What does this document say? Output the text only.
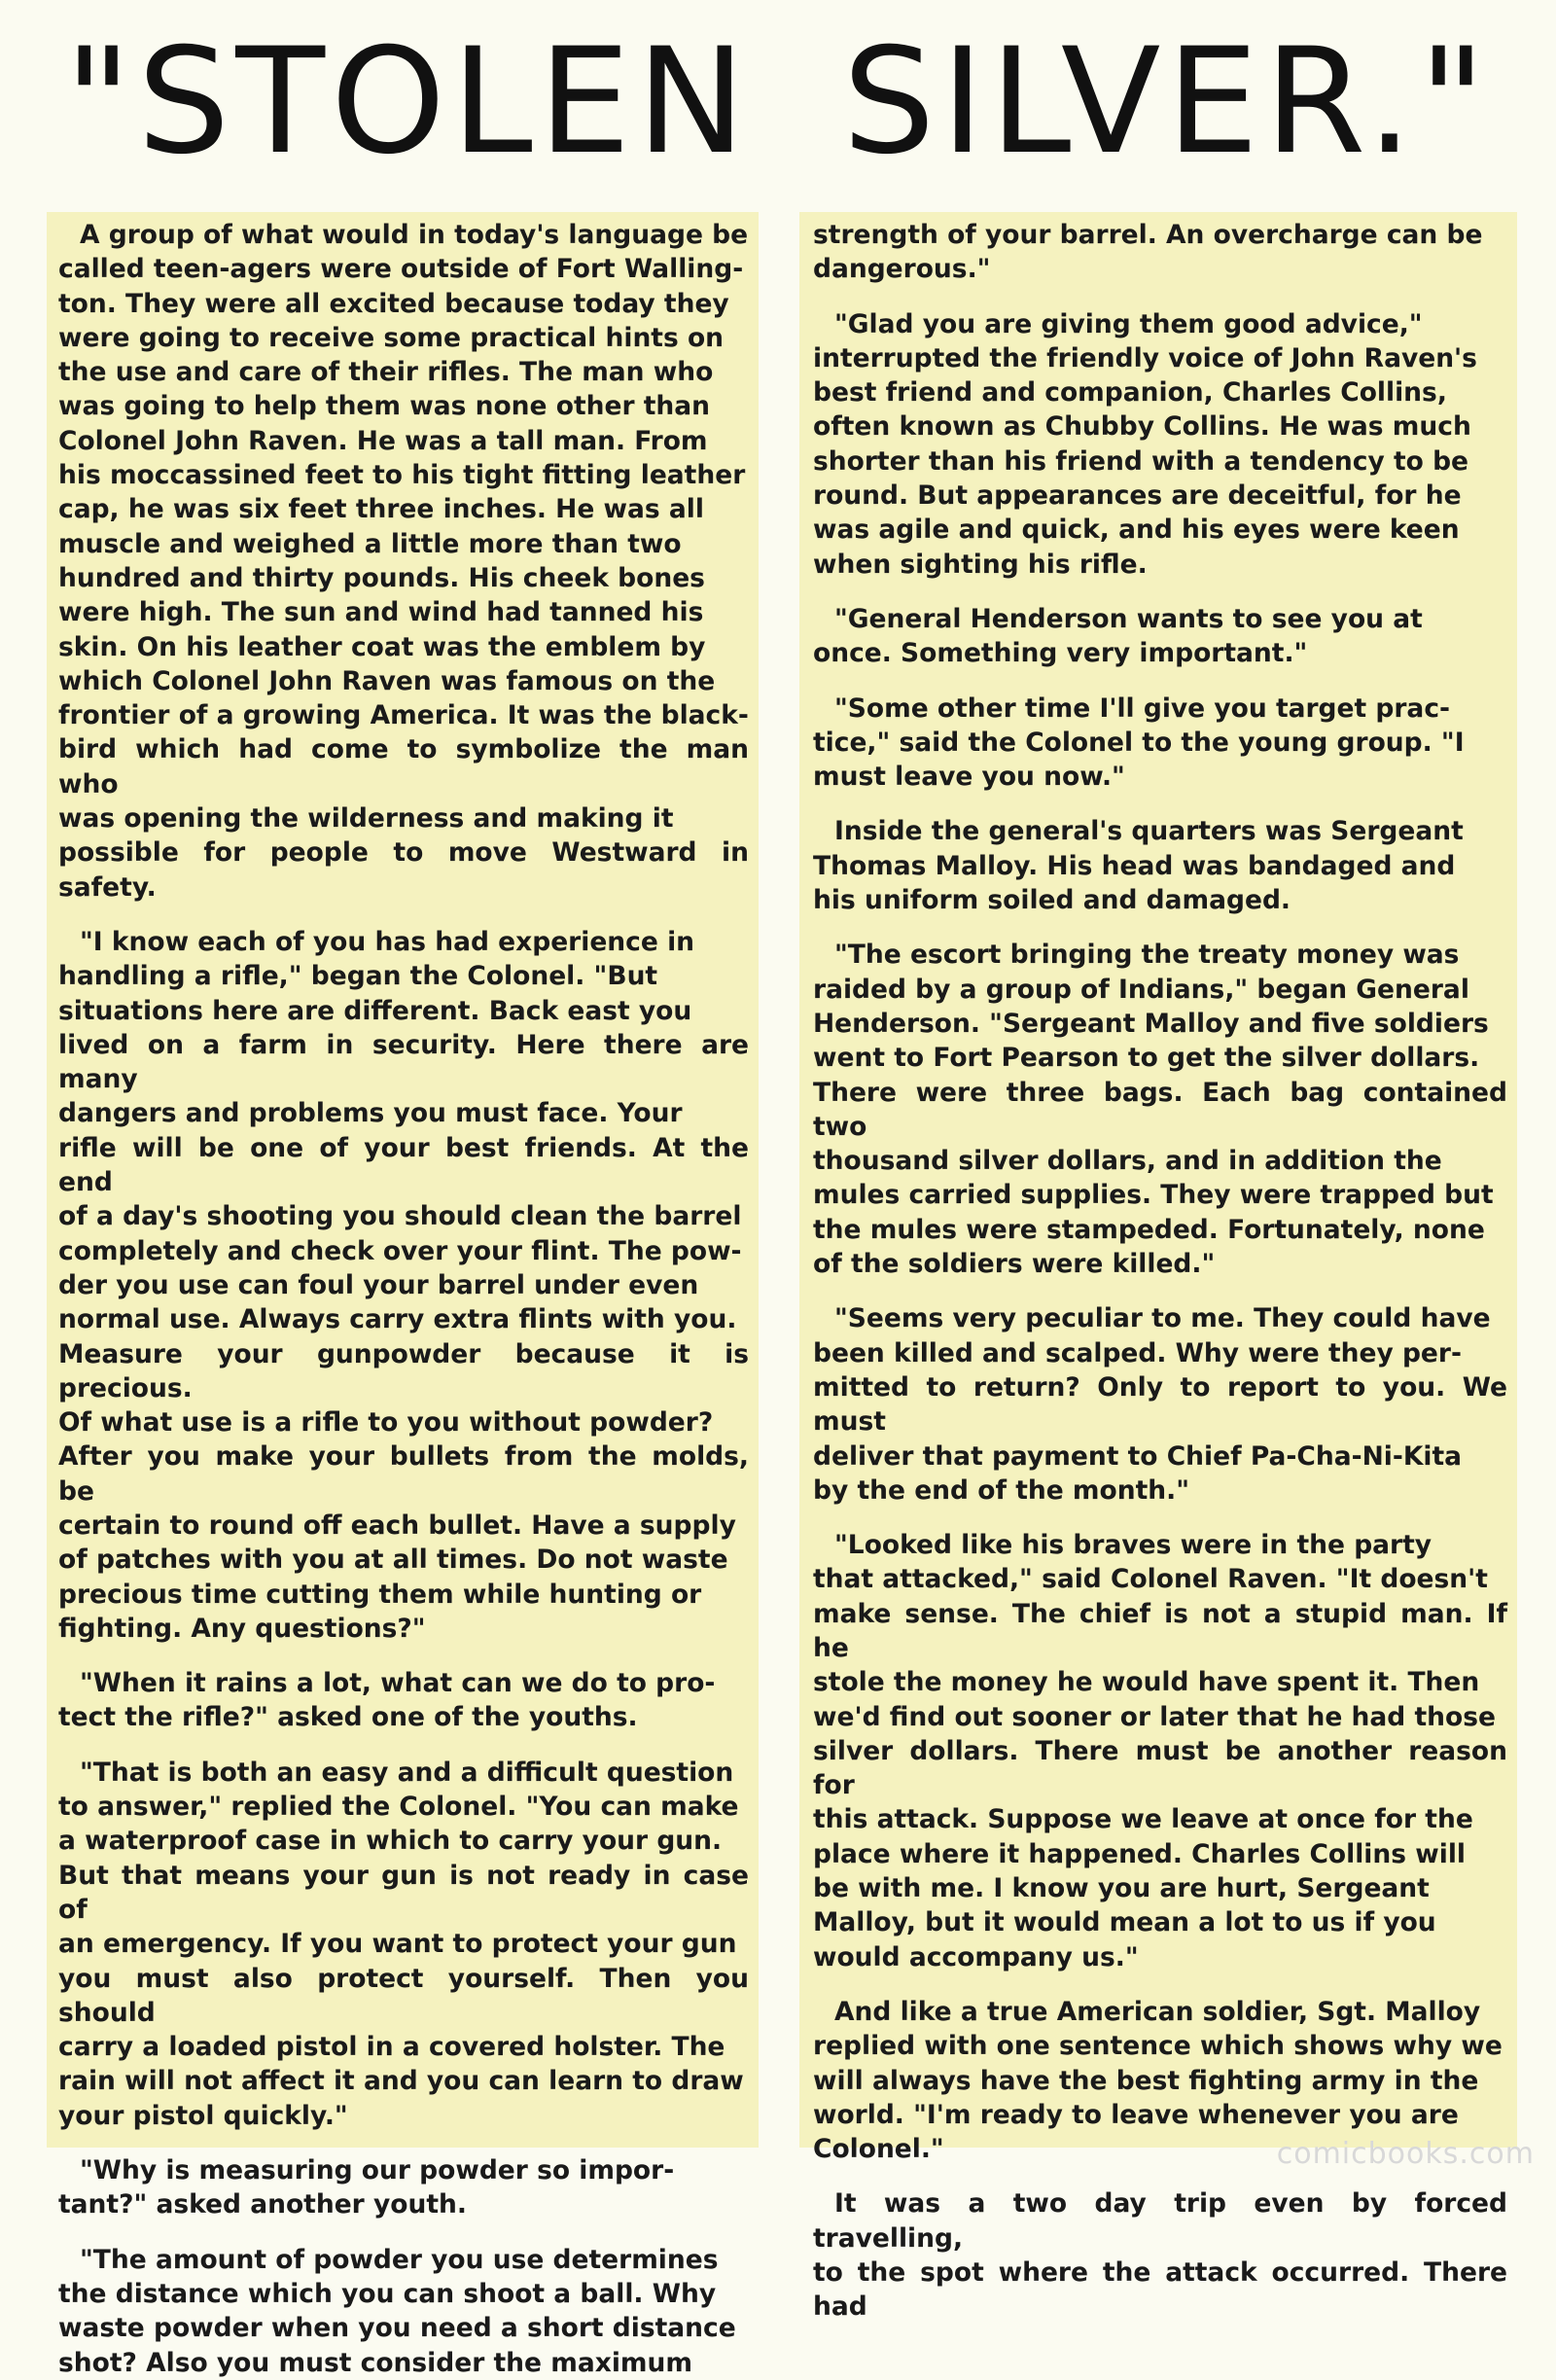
"STOLEN SILVER."

A group of what would in today's language be
called teen-agers were outside of Fort Walling-
ton. They were all excited because today they
were going to receive some practical hints on
the use and care of their rifles. The man who
was going to help them was none other than
Colonel John Raven. He was a tall man. From
his moccassined feet to his tight fitting leather
cap, he was six feet three inches. He was all
muscle and weighed a little more than two
hundred and thirty pounds. His cheek bones
were high. The sun and wind had tanned his
skin. On his leather coat was the emblem by
which Colonel John Raven was famous on the
frontier of a growing America. It was the black-
bird which had come to symbolize the man who
was opening the wilderness and making it
possible for people to move Westward in safety.

"I know each of you has had experience in
handling a rifle," began the Colonel. "But
situations here are different. Back east you
lived on a farm in security. Here there are many
dangers and problems you must face. Your
rifle will be one of your best friends. At the end
of a day's shooting you should clean the barrel
completely and check over your flint. The pow-
der you use can foul your barrel under even
normal use. Always carry extra flints with you.
Measure your gunpowder because it is precious.
Of what use is a rifle to you without powder?
After you make your bullets from the molds, be
certain to round off each bullet. Have a supply
of patches with you at all times. Do not waste
precious time cutting them while hunting or
fighting. Any questions?"

"When it rains a lot, what can we do to pro-
tect the rifle?" asked one of the youths.

"That is both an easy and a difficult question
to answer," replied the Colonel. "You can make
a waterproof case in which to carry your gun.
But that means your gun is not ready in case of
an emergency. If you want to protect your gun
you must also protect yourself. Then you should
carry a loaded pistol in a covered holster. The
rain will not affect it and you can learn to draw
your pistol quickly."

"Why is measuring our powder so impor-
tant?" asked another youth.

"The amount of powder you use determines
the distance which you can shoot a ball. Why
waste powder when you need a short distance
shot? Also you must consider the maximum

strength of your barrel. An overcharge can be
dangerous."

"Glad you are giving them good advice,"
interrupted the friendly voice of John Raven's
best friend and companion, Charles Collins,
often known as Chubby Collins. He was much
shorter than his friend with a tendency to be
round. But appearances are deceitful, for he
was agile and quick, and his eyes were keen
when sighting his rifle.

"General Henderson wants to see you at
once. Something very important."

"Some other time I'll give you target prac-
tice," said the Colonel to the young group. "I
must leave you now."

Inside the general's quarters was Sergeant
Thomas Malloy. His head was bandaged and
his uniform soiled and damaged.

"The escort bringing the treaty money was
raided by a group of Indians," began General
Henderson. "Sergeant Malloy and five soldiers
went to Fort Pearson to get the silver dollars.
There were three bags. Each bag contained two
thousand silver dollars, and in addition the
mules carried supplies. They were trapped but
the mules were stampeded. Fortunately, none
of the soldiers were killed."

"Seems very peculiar to me. They could have
been killed and scalped. Why were they per-
mitted to return? Only to report to you. We must
deliver that payment to Chief Pa-Cha-Ni-Kita
by the end of the month."

"Looked like his braves were in the party
that attacked," said Colonel Raven. "It doesn't
make sense. The chief is not a stupid man. If he
stole the money he would have spent it. Then
we'd find out sooner or later that he had those
silver dollars. There must be another reason for
this attack. Suppose we leave at once for the
place where it happened. Charles Collins will
be with me. I know you are hurt, Sergeant
Malloy, but it would mean a lot to us if you
would accompany us."

And like a true American soldier, Sgt. Malloy
replied with one sentence which shows why we
will always have the best fighting army in the
world. "I'm ready to leave whenever you are
Colonel."

It was a two day trip even by forced travelling,
to the spot where the attack occurred. There had

comicbooks.com
